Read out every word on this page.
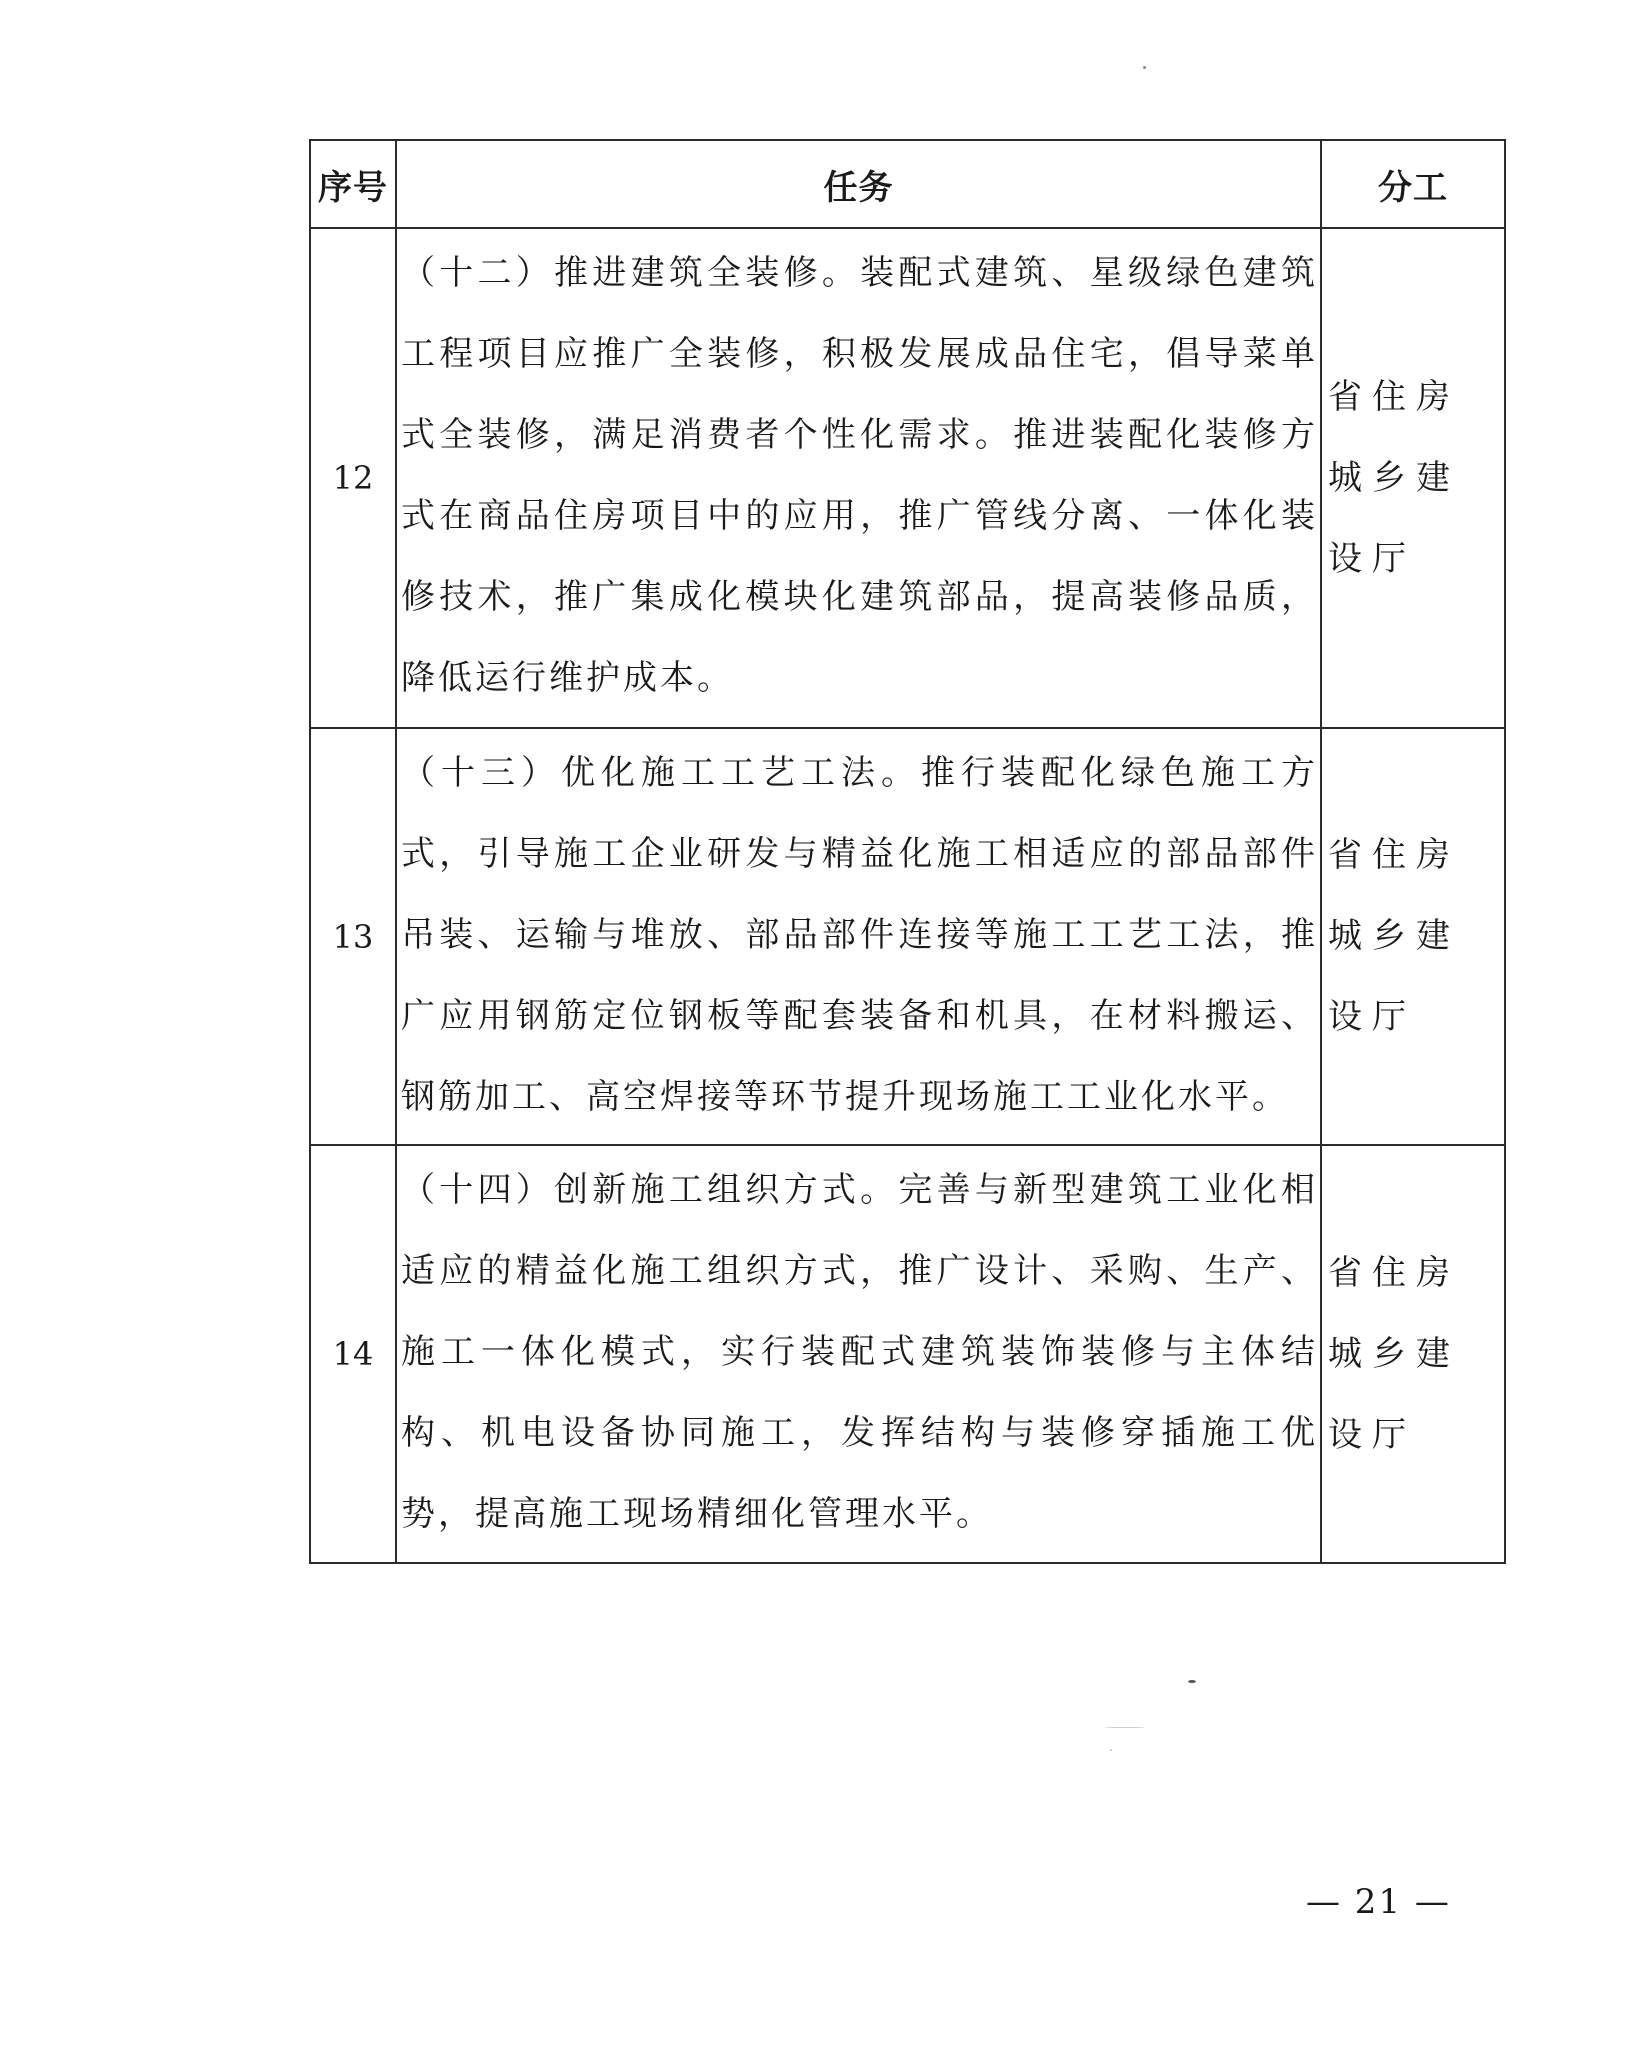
序号	任务	分工
12	（十二）推进建筑全装修。装配式建筑、星级绿色建筑工程项目应推广全装修，积极发展成品住宅，倡导菜单式全装修，满足消费者个性化需求。推进装配化装修方式在商品住房项目中的应用，推广管线分离、一体化装修技术，推广集成化模块化建筑部品，提高装修品质，降低运行维护成本。	省住房城乡建设厅
13	（十三）优化施工工艺工法。推行装配化绿色施工方式，引导施工企业研发与精益化施工相适应的部品部件吊装、运输与堆放、部品部件连接等施工工艺工法，推广应用钢筋定位钢板等配套装备和机具，在材料搬运、钢筋加工、高空焊接等环节提升现场施工工业化水平。	省住房城乡建设厅
14	（十四）创新施工组织方式。完善与新型建筑工业化相适应的精益化施工组织方式，推广设计、采购、生产、施工一体化模式，实行装配式建筑装饰装修与主体结构、机电设备协同施工，发挥结构与装修穿插施工优势，提高施工现场精细化管理水平。	省住房城乡建设厅
— 21 —
